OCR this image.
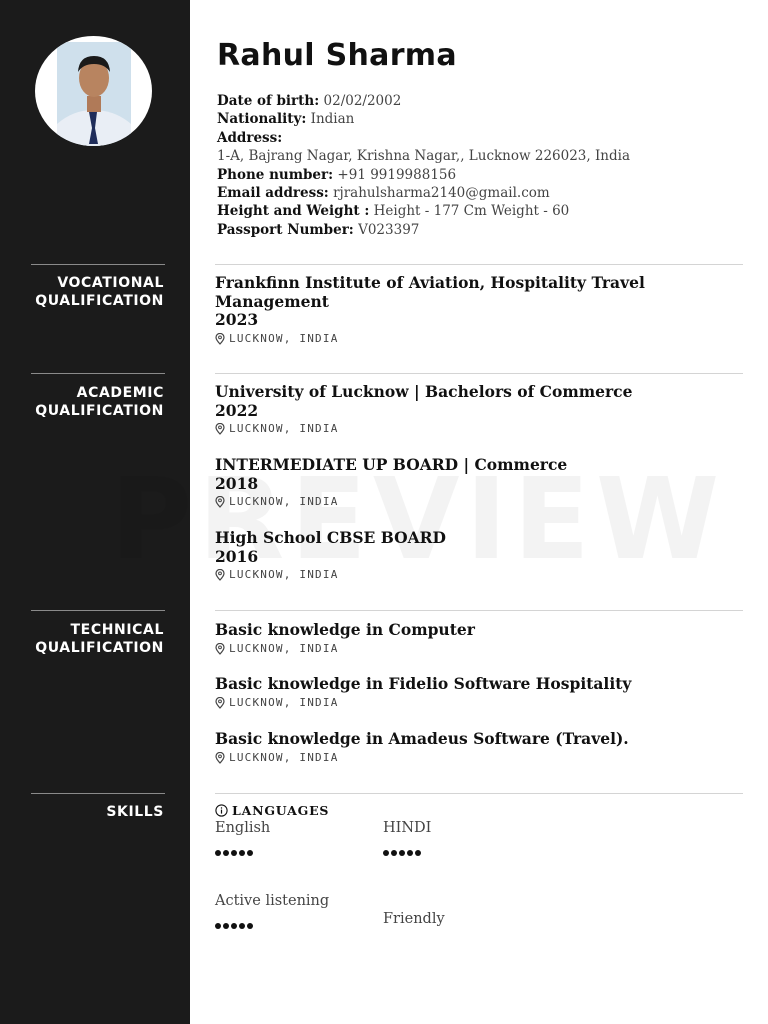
VOCATIONAL
QUALIFICATION
ACADEMIC
QUALIFICATION
TECHNICAL
QUALIFICATION
SKILLS
Rahul Sharma
Date of birth: 02/02/2002
Nationality: Indian
Address:
1-A, Bajrang Nagar, Krishna Nagar,, Lucknow 226023, India
Phone number: +91 9919988156
Email address: rjrahulsharma2140@gmail.com
Height and Weight : Height - 177 Cm Weight - 60
Passport Number: V023397
Frankfinn Institute of Aviation, Hospitality Travel
Management
2023
LUCKNOW, INDIA
University of Lucknow | Bachelors of Commerce
2022
LUCKNOW, INDIA
INTERMEDIATE UP BOARD | Commerce
2018
LUCKNOW, INDIA
High School CBSE BOARD
2016
LUCKNOW, INDIA
Basic knowledge in Computer
LUCKNOW, INDIA
Basic knowledge in Fidelio Software Hospitality
LUCKNOW, INDIA
Basic knowledge in Amadeus Software (Travel).
LUCKNOW, INDIA
LANGUAGES
English	HINDI
Active listening
Friendly
